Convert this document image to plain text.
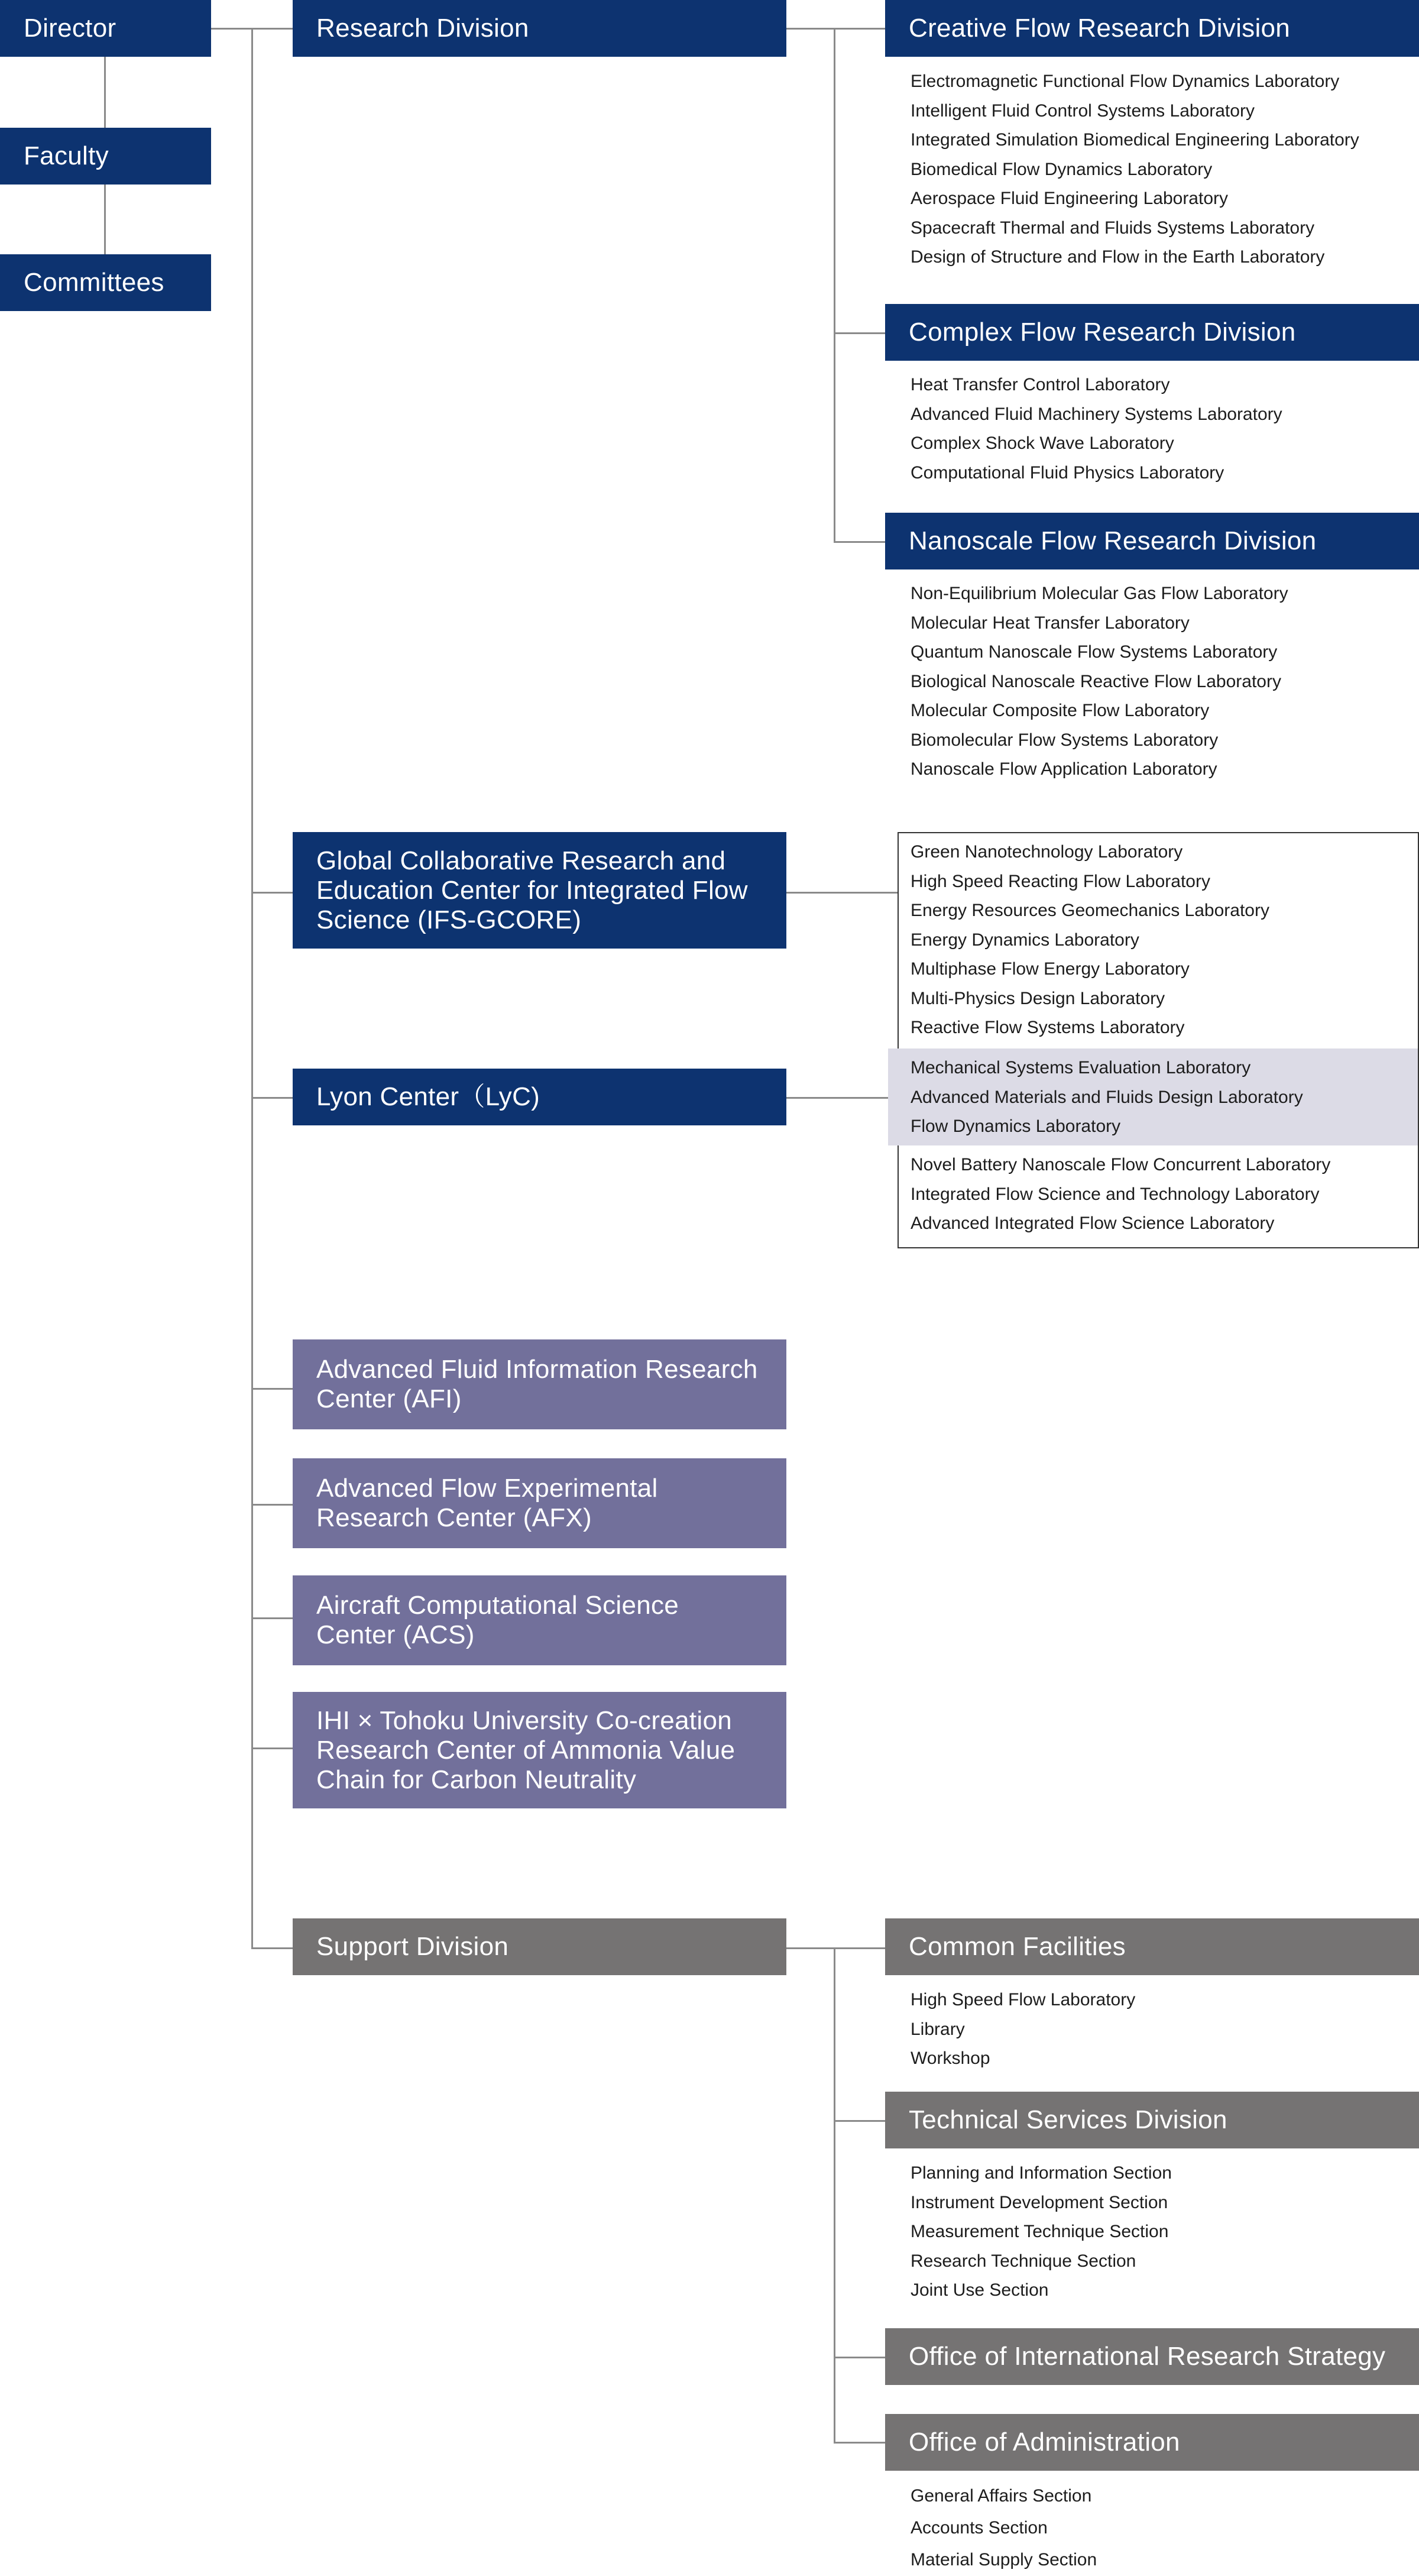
Director
Faculty
Committees
Research Division	Creative Flow Research Division
Electromagnetic Functional Flow Dynamics Laboratory
Intelligent Fluid Control Systems Laboratory
Integrated Simulation Biomedical Engineering Laboratory
Biomedical Flow Dynamics Laboratory
Aerospace Fluid Engineering Laboratory
Spacecraft Thermal and Fluids Systems Laboratory
Design of Structure and Flow in the Earth Laboratory
Complex Flow Research Division
Heat Transfer Control Laboratory
Advanced Fluid Machinery Systems Laboratory
Complex Shock Wave Laboratory
Computational Fluid Physics Laboratory
Nanoscale Flow Research Division
Non-Equilibrium Molecular Gas Flow Laboratory
Molecular Heat Transfer Laboratory
Quantum Nanoscale Flow Systems Laboratory
Biological Nanoscale Reactive Flow Laboratory
Molecular Composite Flow Laboratory
Biomolecular Flow Systems Laboratory
Nanoscale Flow Application Laboratory
Global Collaborative Research and Education Center for Integrated Flow Science (IFS-GCORE)
Lyon Center（LyC)
Green Nanotechnology Laboratory
High Speed Reacting Flow Laboratory
Energy Resources Geomechanics Laboratory
Energy Dynamics Laboratory
Multiphase Flow Energy Laboratory
Multi-Physics Design Laboratory
Reactive Flow Systems Laboratory
Mechanical Systems Evaluation Laboratory
Advanced Materials and Fluids Design Laboratory
Flow Dynamics Laboratory
Novel Battery Nanoscale Flow Concurrent Laboratory
Integrated Flow Science and Technology Laboratory
Advanced Integrated Flow Science Laboratory
Advanced Fluid Information Research Center (AFI)
Advanced Flow Experimental Research Center (AFX)
Aircraft Computational Science Center (ACS)
IHI × Tohoku University Co-creation Research Center of Ammonia Value Chain for Carbon Neutrality
Support Division	Common Facilities
High Speed Flow Laboratory
Library
Workshop
Technical Services Division
Planning and Information Section
Instrument Development Section
Measurement Technique Section
Research Technique Section
Joint Use Section
Office of International Research Strategy
Office of Administration
General Affairs Section
Accounts Section
Material Supply Section
